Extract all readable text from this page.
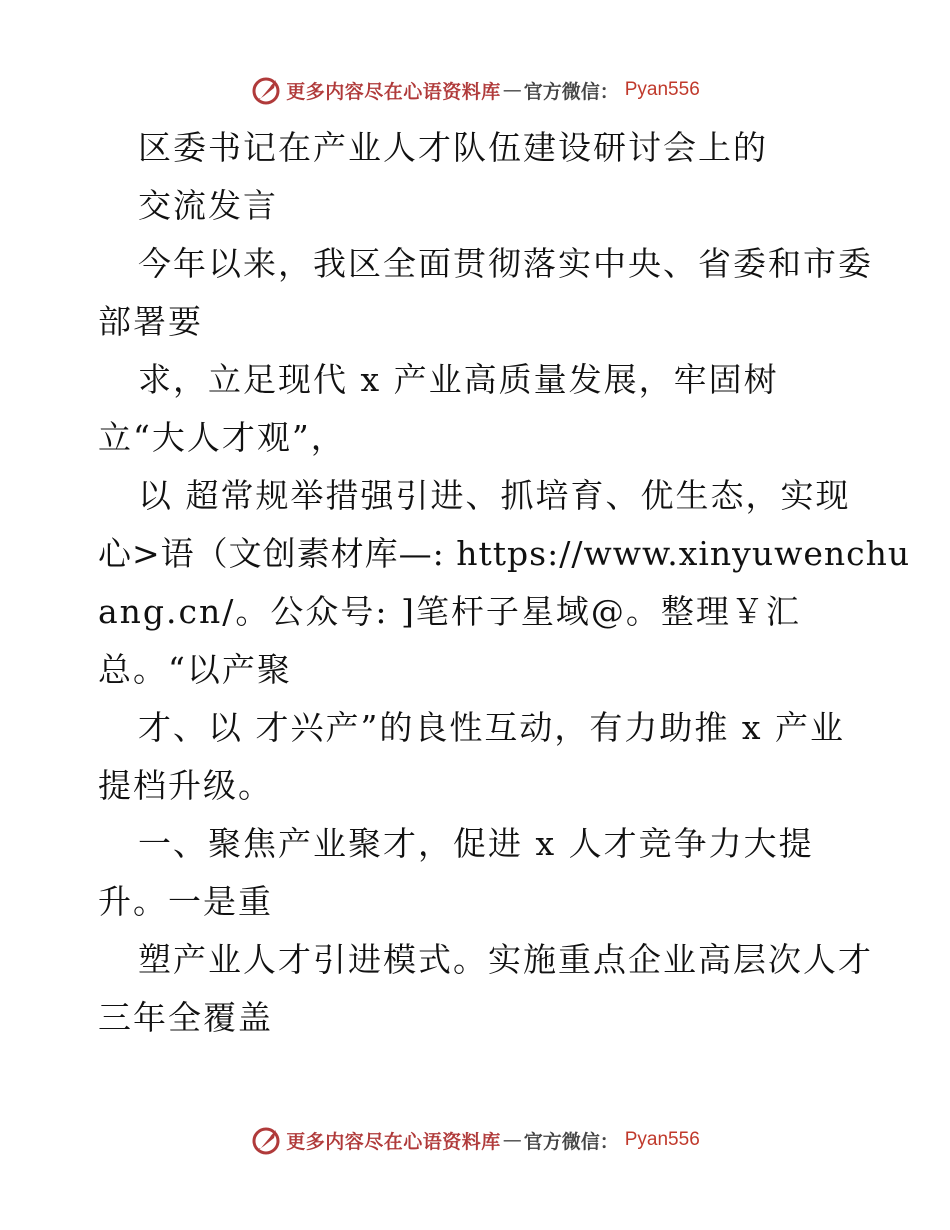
更多内容尽在心语资料库 — 官方微信： Pyan556
区委书记在产业人才队伍建设研讨会上的
交流发言
今年以来，我区全面贯彻落实中央、省委和市委
部署要
求，立足现代 x 产业高质量发展，牢固树
立“大人才观”，
以 超常规举措强引进、抓培育、优生态，实现
心>语（文创素材库—: https://www.xinyuwenchu
ang.cn/。公众号: ]笔杆子星域@。整理￥汇
总。“以产聚
才、以 才兴产”的良性互动，有力助推 x 产业
提档升级。
一、聚焦产业聚才，促进 x 人才竞争力大提
升。一是重
塑产业人才引进模式。实施重点企业高层次人才
三年全覆盖
更多内容尽在心语资料库 — 官方微信： Pyan556
